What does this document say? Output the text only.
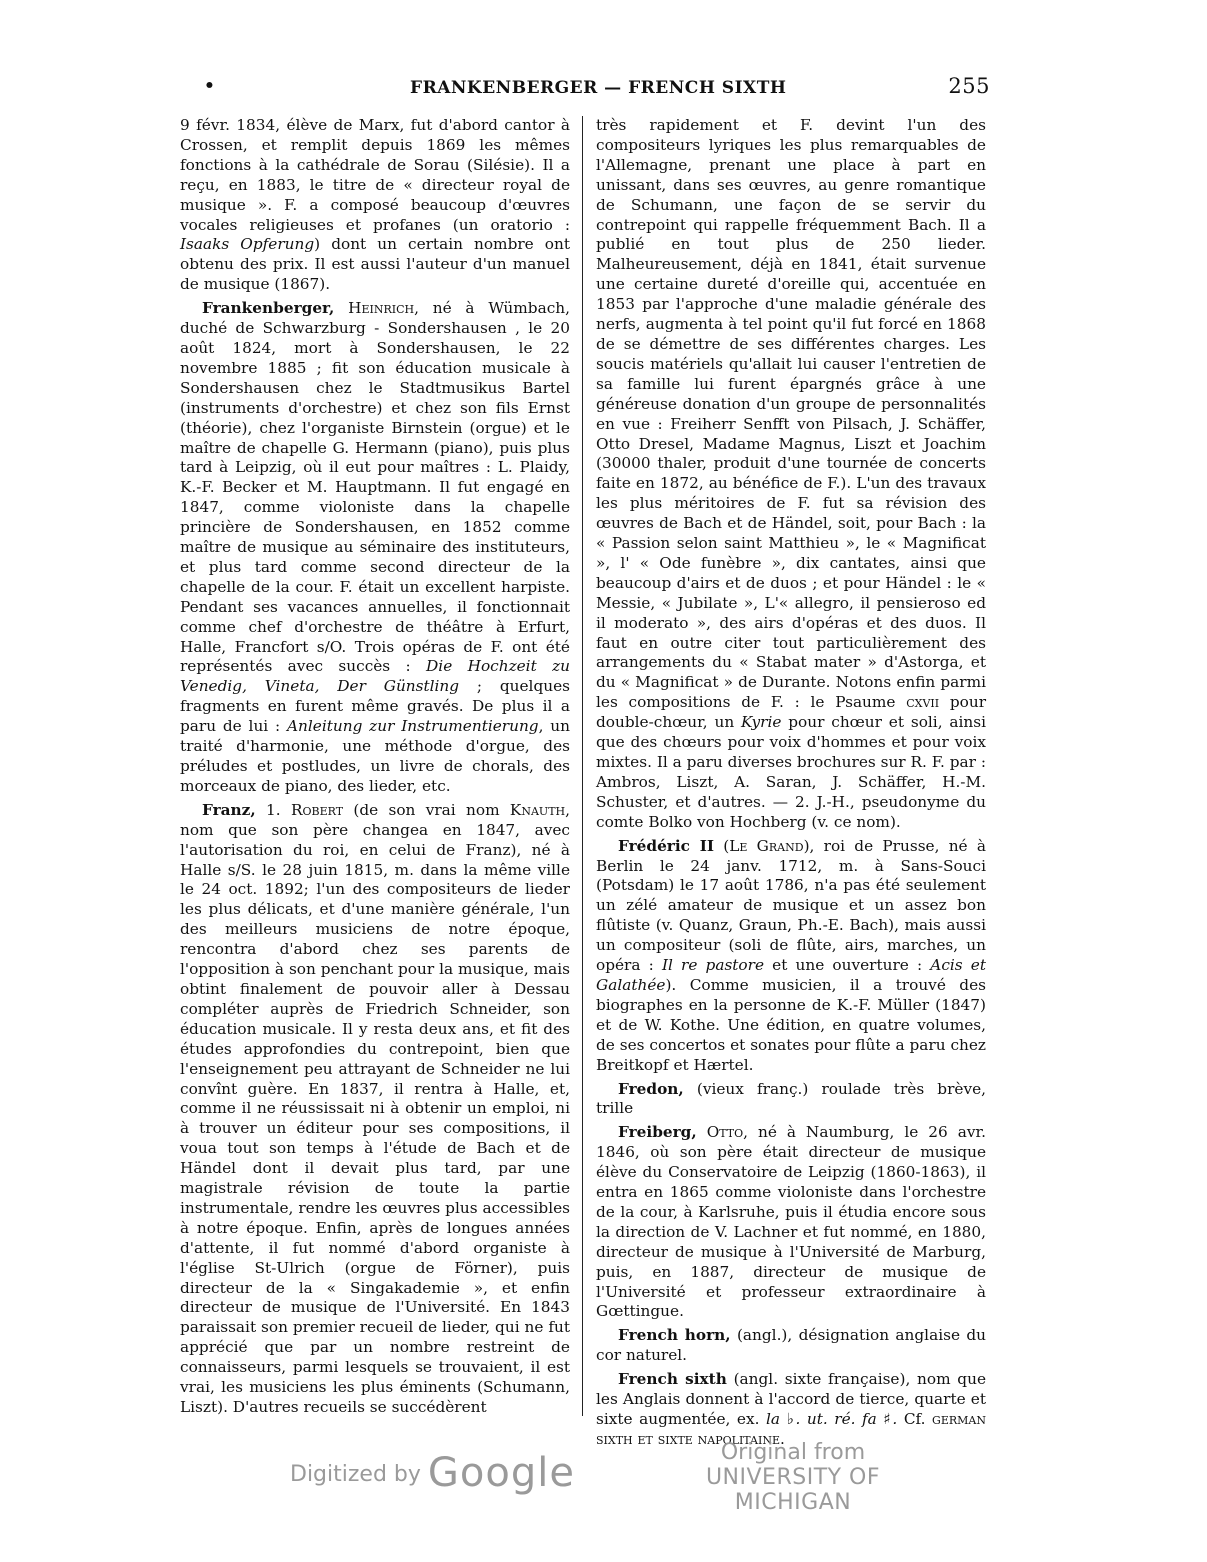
•	FRANKENBERGER — FRENCH SIXTH	255

9 févr. 1834, élève de Marx, fut d'abord cantor à Crossen, et remplit depuis 1869 les mêmes fonctions à la cathédrale de Sorau (Silésie). Il a reçu, en 1883, le titre de « directeur royal de musique ». F. a composé beaucoup d'œuvres vocales religieuses et profanes (un oratorio : Isaaks Opferung) dont un certain nombre ont obtenu des prix. Il est aussi l'auteur d'un manuel de musique (1867).

Frankenberger, Heinrich, né à Wümbach, duché de Schwarzburg - Sondershausen , le 20 août 1824, mort à Sondershausen, le 22 novembre 1885 ; fit son éducation musicale à Sondershausen chez le Stadtmusikus Bartel (instruments d'orchestre) et chez son fils Ernst (théorie), chez l'organiste Birnstein (orgue) et le maître de chapelle G. Hermann (piano), puis plus tard à Leipzig, où il eut pour maîtres : L. Plaidy, K.-F. Becker et M. Hauptmann. Il fut engagé en 1847, comme violoniste dans la chapelle princière de Sondershausen, en 1852 comme maître de musique au séminaire des instituteurs, et plus tard comme second directeur de la chapelle de la cour. F. était un excellent harpiste. Pendant ses vacances annuelles, il fonctionnait comme chef d'orchestre de théâtre à Erfurt, Halle, Francfort s/O. Trois opéras de F. ont été représentés avec succès : Die Hochzeit zu Venedig, Vineta, Der Günstling ; quelques fragments en furent même gravés. De plus il a paru de lui : Anleitung zur Instrumentierung, un traité d'harmonie, une méthode d'orgue, des préludes et postludes, un livre de chorals, des morceaux de piano, des lieder, etc.

Franz, 1. Robert (de son vrai nom Knauth, nom que son père changea en 1847, avec l'autorisation du roi, en celui de Franz), né à Halle s/S. le 28 juin 1815, m. dans la même ville le 24 oct. 1892; l'un des compositeurs de lieder les plus délicats, et d'une manière générale, l'un des meilleurs musiciens de notre époque, rencontra d'abord chez ses parents de l'opposition à son penchant pour la musique, mais obtint finalement de pouvoir aller à Dessau compléter auprès de Friedrich Schneider, son éducation musicale. Il y resta deux ans, et fit des études approfondies du contrepoint, bien que l'enseignement peu attrayant de Schneider ne lui convînt guère. En 1837, il rentra à Halle, et, comme il ne réussissait ni à obtenir un emploi, ni à trouver un éditeur pour ses compositions, il voua tout son temps à l'étude de Bach et de Händel dont il devait plus tard, par une magistrale révision de toute la partie instrumentale, rendre les œuvres plus accessibles à notre époque. Enfin, après de longues années d'attente, il fut nommé d'abord organiste à l'église St-Ulrich (orgue de Förner), puis directeur de la « Singakademie », et enfin directeur de musique de l'Université. En 1843 paraissait son premier recueil de lieder, qui ne fut apprécié que par un nombre restreint de connaisseurs, parmi lesquels se trouvaient, il est vrai, les musiciens les plus éminents (Schumann, Liszt). D'autres recueils se succédèrent

très rapidement et F. devint l'un des compositeurs lyriques les plus remarquables de l'Allemagne, prenant une place à part en unissant, dans ses œuvres, au genre romantique de Schumann, une façon de se servir du contrepoint qui rappelle fréquemment Bach. Il a publié en tout plus de 250 lieder. Malheureusement, déjà en 1841, était survenue une certaine dureté d'oreille qui, accentuée en 1853 par l'approche d'une maladie générale des nerfs, augmenta à tel point qu'il fut forcé en 1868 de se démettre de ses différentes charges. Les soucis matériels qu'allait lui causer l'entretien de sa famille lui furent épargnés grâce à une généreuse donation d'un groupe de personnalités en vue : Freiherr Senfft von Pilsach, J. Schäffer, Otto Dresel, Madame Magnus, Liszt et Joachim (30000 thaler, produit d'une tournée de concerts faite en 1872, au bénéfice de F.). L'un des travaux les plus méritoires de F. fut sa révision des œuvres de Bach et de Händel, soit, pour Bach : la « Passion selon saint Matthieu », le « Magnificat », l' « Ode funèbre », dix cantates, ainsi que beaucoup d'airs et de duos ; et pour Händel : le « Messie, « Jubilate », L'« allegro, il pensieroso ed il moderato », des airs d'opéras et des duos. Il faut en outre citer tout particulièrement des arrangements du « Stabat mater » d'Astorga, et du « Magnificat » de Durante. Notons enfin parmi les compositions de F. : le Psaume cxvii pour double-chœur, un Kyrie pour chœur et soli, ainsi que des chœurs pour voix d'hommes et pour voix mixtes. Il a paru diverses brochures sur R. F. par : Ambros, Liszt, A. Saran, J. Schäffer, H.-M. Schuster, et d'autres. — 2. J.-H., pseudonyme du comte Bolko von Hochberg (v. ce nom).

Frédéric II (Le Grand), roi de Prusse, né à Berlin le 24 janv. 1712, m. à Sans-Souci (Potsdam) le 17 août 1786, n'a pas été seulement un zélé amateur de musique et un assez bon flûtiste (v. Quanz, Graun, Ph.-E. Bach), mais aussi un compositeur (soli de flûte, airs, marches, un opéra : Il re pastore et une ouverture : Acis et Galathée). Comme musicien, il a trouvé des biographes en la personne de K.-F. Müller (1847) et de W. Kothe. Une édition, en quatre volumes, de ses concertos et sonates pour flûte a paru chez Breitkopf et Hærtel.

Fredon, (vieux franç.) roulade très brève, trille

Freiberg, Otto, né à Naumburg, le 26 avr. 1846, où son père était directeur de musique élève du Conservatoire de Leipzig (1860-1863), il entra en 1865 comme violoniste dans l'orchestre de la cour, à Karlsruhe, puis il étudia encore sous la direction de V. Lachner et fut nommé, en 1880, directeur de musique à l'Université de Marburg, puis, en 1887, directeur de musique de l'Université et professeur extraordinaire à Gœttingue.

French horn, (angl.), désignation anglaise du cor naturel.

French sixth (angl. sixte française), nom que les Anglais donnent à l'accord de tierce, quarte et sixte augmentée, ex. la ♭. ut. ré. fa ♯. Cf. german sixth et sixte napolitaine.

Digitized by Google	Original from
UNIVERSITY OF MICHIGAN
